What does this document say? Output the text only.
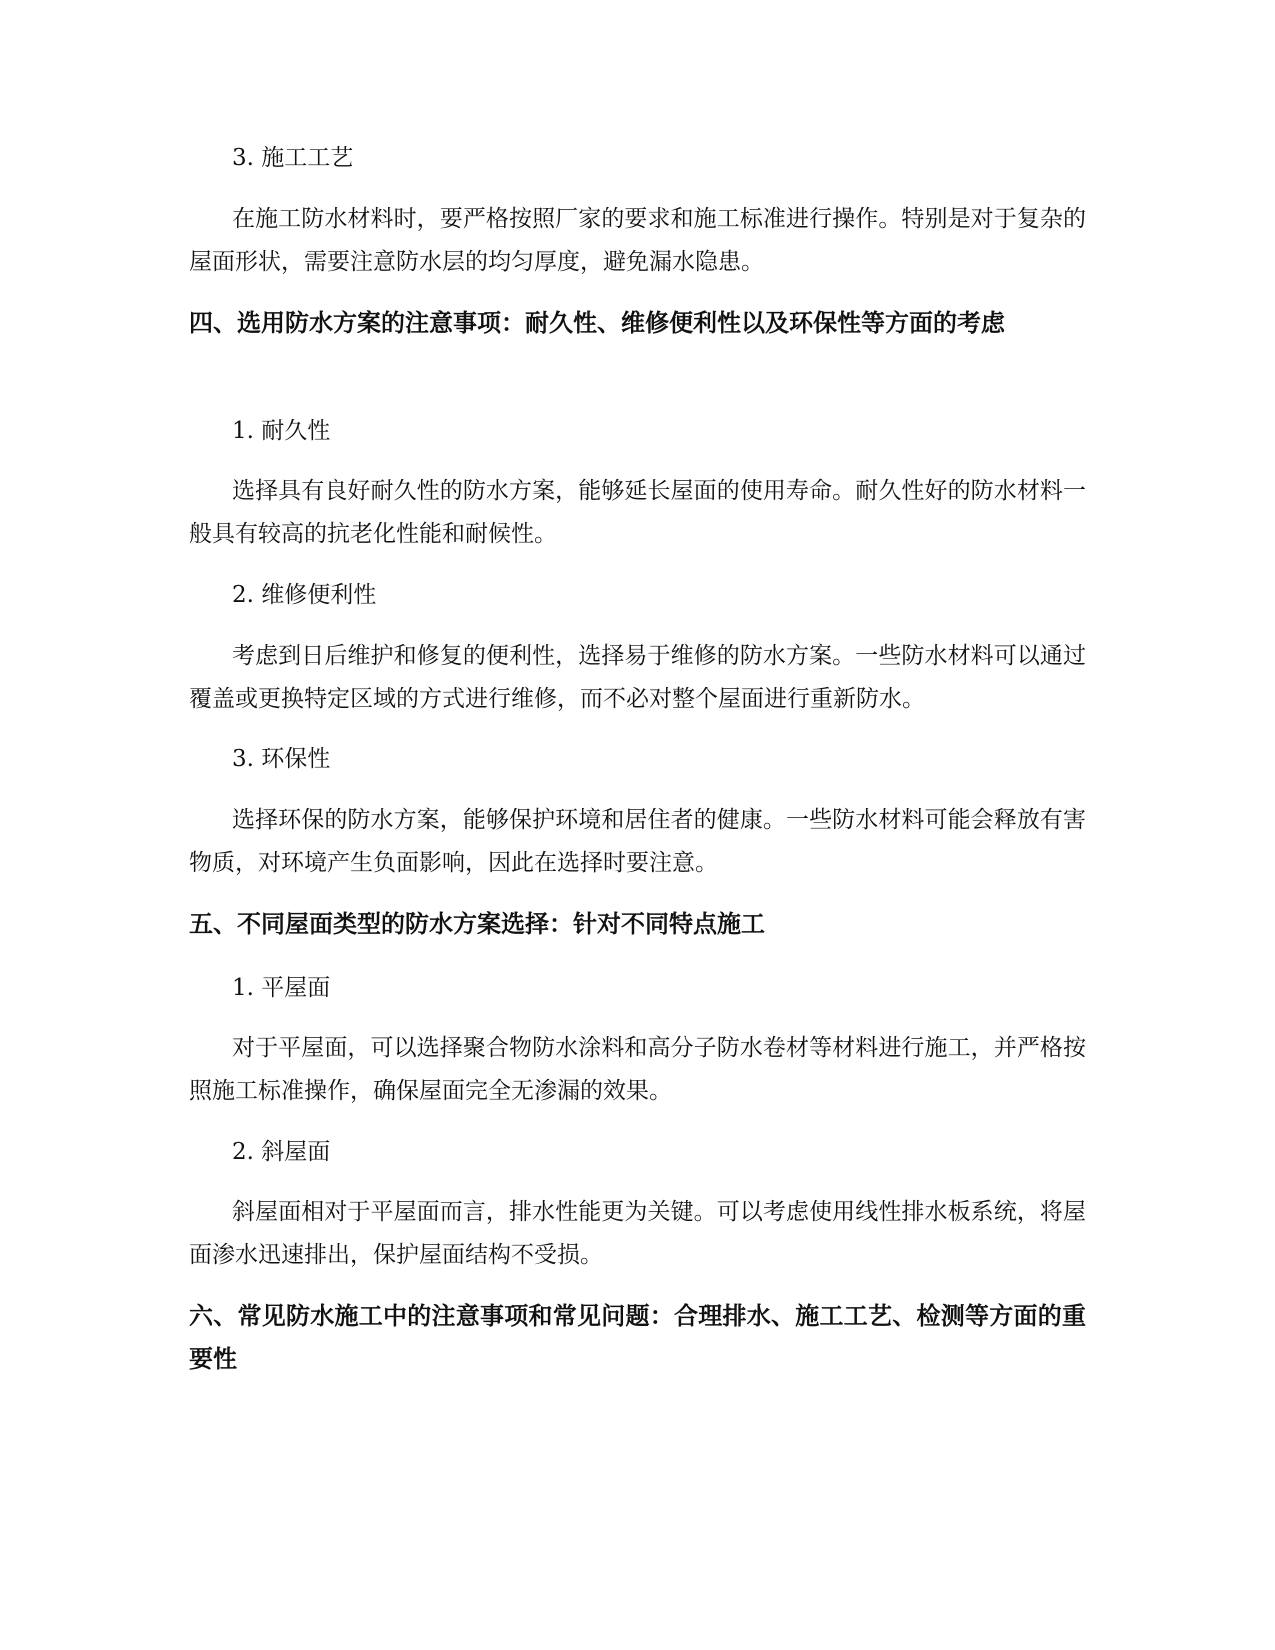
3. 施工工艺

在施工防水材料时，要严格按照厂家的要求和施工标准进行操作。特别是对于复杂的屋面形状，需要注意防水层的均匀厚度，避免漏水隐患。

四、选用防水方案的注意事项：耐久性、维修便利性以及环保性等方面的考虑

1. 耐久性

选择具有良好耐久性的防水方案，能够延长屋面的使用寿命。耐久性好的防水材料一般具有较高的抗老化性能和耐候性。

2. 维修便利性

考虑到日后维护和修复的便利性，选择易于维修的防水方案。一些防水材料可以通过覆盖或更换特定区域的方式进行维修，而不必对整个屋面进行重新防水。

3. 环保性

选择环保的防水方案，能够保护环境和居住者的健康。一些防水材料可能会释放有害物质，对环境产生负面影响，因此在选择时要注意。

五、不同屋面类型的防水方案选择：针对不同特点施工

1. 平屋面

对于平屋面，可以选择聚合物防水涂料和高分子防水卷材等材料进行施工，并严格按照施工标准操作，确保屋面完全无渗漏的效果。

2. 斜屋面

斜屋面相对于平屋面而言，排水性能更为关键。可以考虑使用线性排水板系统，将屋面渗水迅速排出，保护屋面结构不受损。

六、常见防水施工中的注意事项和常见问题：合理排水、施工工艺、检测等方面的重要性
